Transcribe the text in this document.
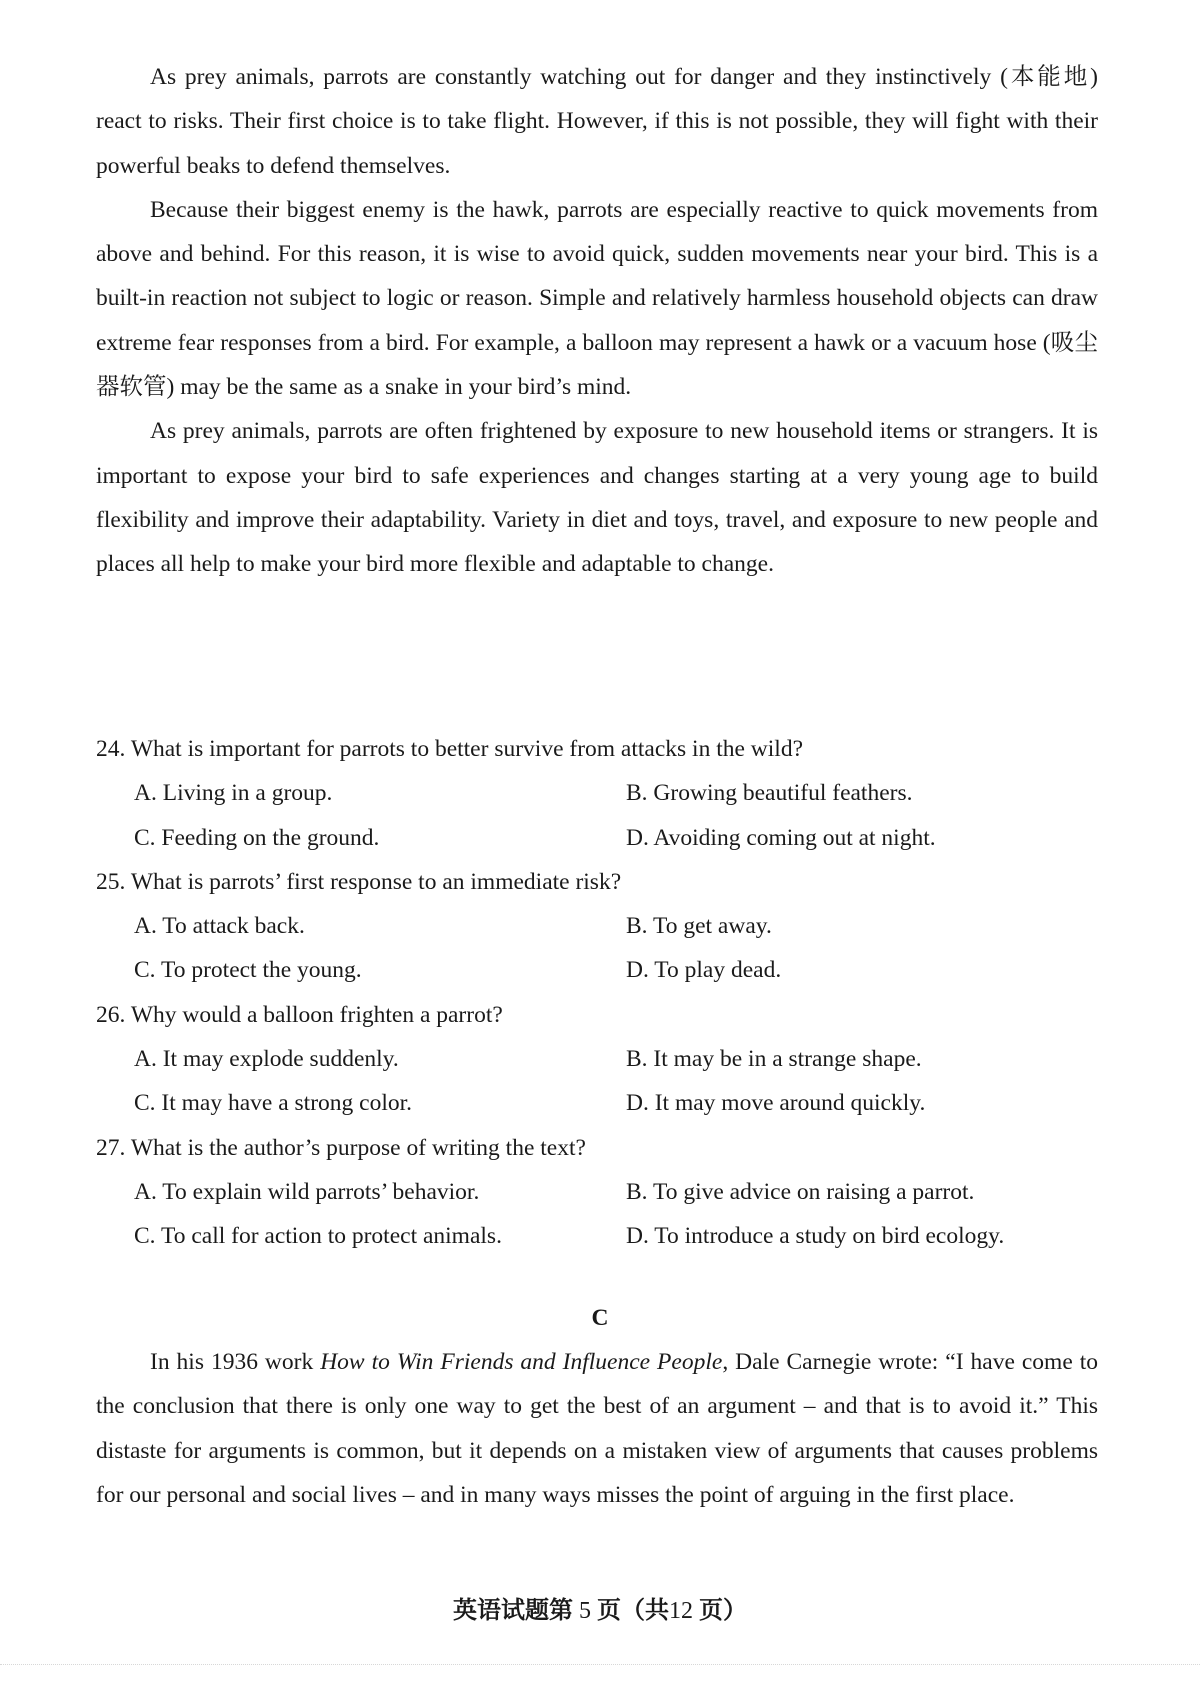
As prey animals, parrots are constantly watching out for danger and they instinctively (本能地) react to risks. Their first choice is to take flight. However, if this is not possible, they will fight with their powerful beaks to defend themselves.

Because their biggest enemy is the hawk, parrots are especially reactive to quick movements from above and behind. For this reason, it is wise to avoid quick, sudden movements near your bird. This is a built-in reaction not subject to logic or reason. Simple and relatively harmless household objects can draw extreme fear responses from a bird. For example, a balloon may represent a hawk or a vacuum hose (吸尘器软管) may be the same as a snake in your bird’s mind.

As prey animals, parrots are often frightened by exposure to new household items or strangers. It is important to expose your bird to safe experiences and changes starting at a very young age to build flexibility and improve their adaptability. Variety in diet and toys, travel, and exposure to new people and places all help to make your bird more flexible and adaptable to change.

24. What is important for parrots to better survive from attacks in the wild?
A. Living in a group.	B. Growing beautiful feathers.
C. Feeding on the ground.	D. Avoiding coming out at night.
25. What is parrots’ first response to an immediate risk?
A. To attack back.	B. To get away.
C. To protect the young.	D. To play dead.
26. Why would a balloon frighten a parrot?
A. It may explode suddenly.	B. It may be in a strange shape.
C. It may have a strong color.	D. It may move around quickly.
27. What is the author’s purpose of writing the text?
A. To explain wild parrots’ behavior.	B. To give advice on raising a parrot.
C. To call for action to protect animals.	D. To introduce a study on bird ecology.
C

In his 1936 work How to Win Friends and Influence People, Dale Carnegie wrote: “I have come to the conclusion that there is only one way to get the best of an argument – and that is to avoid it.” This distaste for arguments is common, but it depends on a mistaken view of arguments that causes problems for our personal and social lives – and in many ways misses the point of arguing in the first place.

英语试题第 5 页（共12 页）
